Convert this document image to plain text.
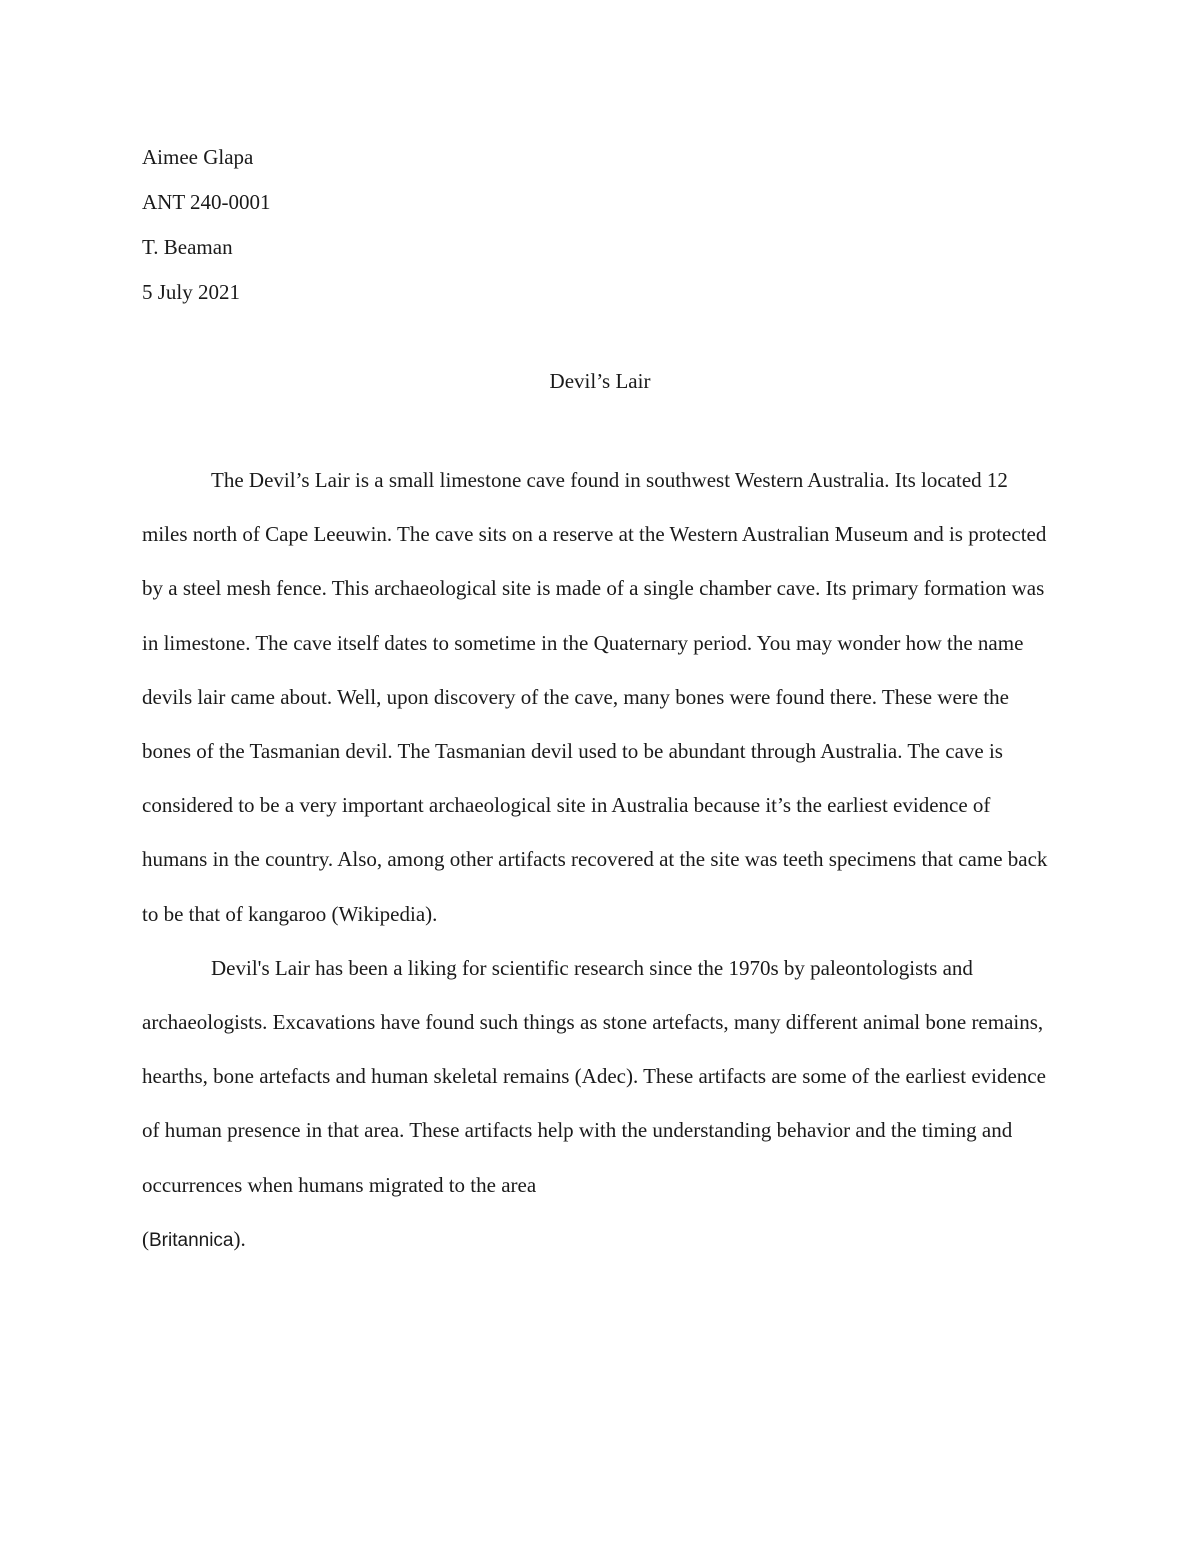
Aimee Glapa
ANT 240-0001
T. Beaman
5 July 2021
Devil’s Lair

The Devil’s Lair is a small limestone cave found in southwest Western Australia. Its located 12 miles north of Cape Leeuwin. The cave sits on a reserve at the Western Australian Museum and is protected by a steel mesh fence. This archaeological site is made of a single chamber cave. Its primary formation was in limestone. The cave itself dates to sometime in the Quaternary period. You may wonder how the name devils lair came about. Well, upon discovery of the cave, many bones were found there. These were the bones of the Tasmanian devil. The Tasmanian devil used to be abundant through Australia. The cave is considered to be a very important archaeological site in Australia because it’s the earliest evidence of humans in the country. Also, among other artifacts recovered at the site was teeth specimens that came back to be that of kangaroo (Wikipedia).

Devil's Lair has been a liking for scientific research since the 1970s by paleontologists and archaeologists. Excavations have found such things as stone artefacts, many different animal bone remains, hearths, bone artefacts and human skeletal remains (Adec). These artifacts are some of the earliest evidence of human presence in that area. These artifacts help with the understanding behavior and the timing and occurrences when humans migrated to the area
(Britannica).
